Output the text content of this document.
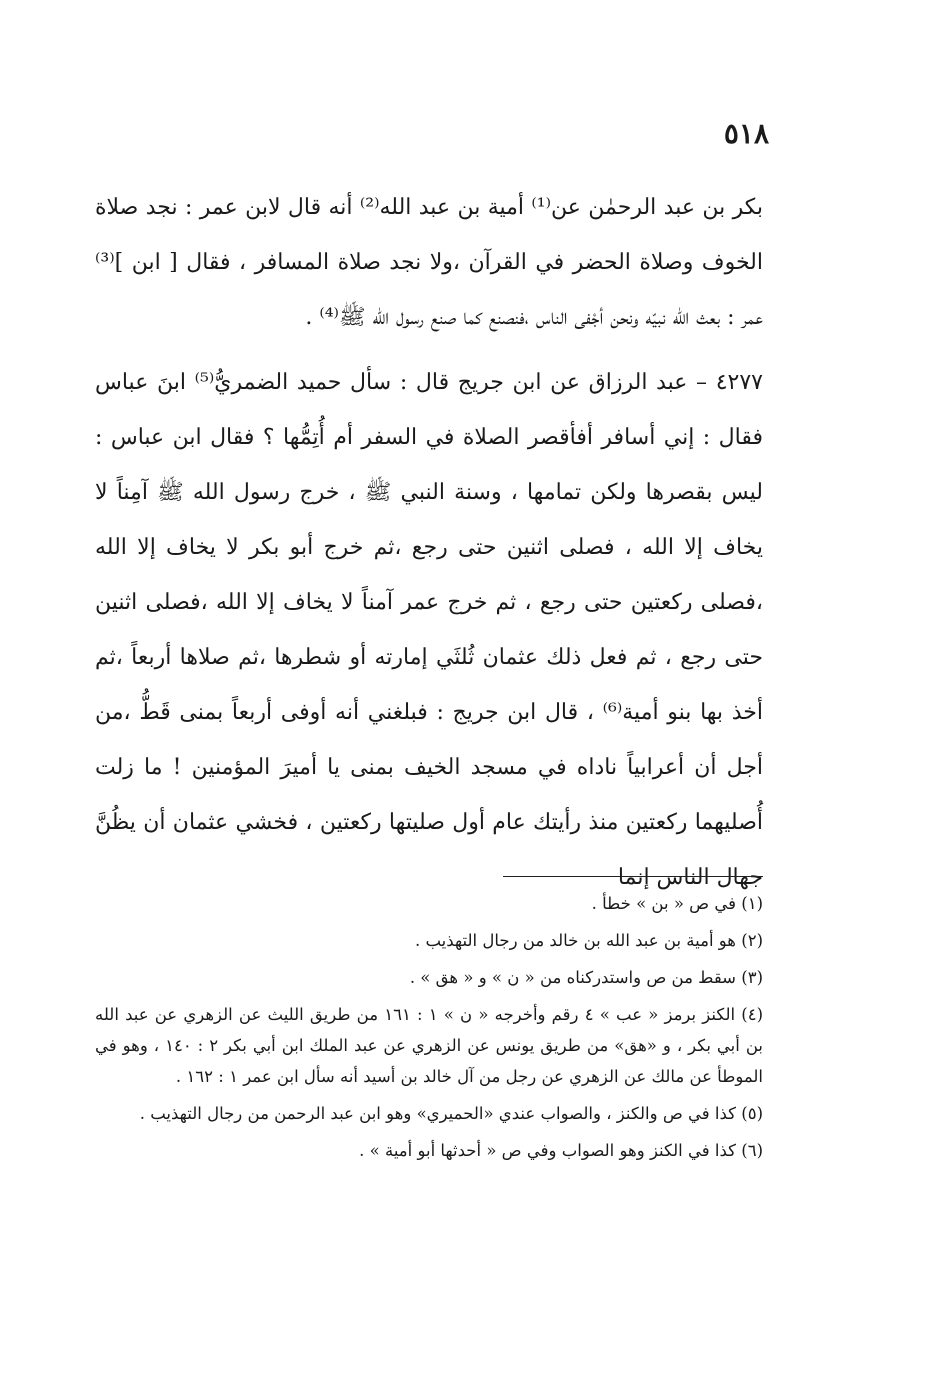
٥١٨

بكر بن عبد الرحمٰن عن⁽¹⁾ أمية بن عبد الله⁽²⁾ أنه قال لابن عمر : نجد صلاة الخوف وصلاة الحضر في القرآن ،ولا نجد صلاة المسافر ، فقال [ ابن ]⁽³⁾ عمر : بعث الله نبيّه ونحن أجْفى الناس ،فنصنع كما صنع رسول الله ﷺ⁽⁴⁾ .

٤٢٧٧ – عبد الرزاق عن ابن جريج قال : سأل حميد الضمريُّ⁽⁵⁾ ابنَ عباس فقال : إني أسافر أفأقصر الصلاة في السفر أم أُتِمُّها ؟ فقال ابن عباس : ليس بقصرها ولكن تمامها ، وسنة النبي ﷺ ، خرج رسول الله ﷺ آمِناً لا يخاف إلا الله ، فصلى اثنين حتى رجع ،ثم خرج أبو بكر لا يخاف إلا الله ،فصلى ركعتين حتى رجع ، ثم خرج عمر آمناً لا يخاف إلا الله ،فصلى اثنين حتى رجع ، ثم فعل ذلك عثمان ثُلثَي إمارته أو شطرها ،ثم صلاها أربعاً ،ثم أخذ بها بنو أمية⁽⁶⁾ ، قال ابن جريج : فبلغني أنه أوفى أربعاً بمنى قَطُّ ،من أجل أن أعرابياً ناداه في مسجد الخيف بمنى يا أميرَ المؤمنين ! ما زلت أُصليهما ركعتين منذ رأيتك عام أول صليتها ركعتين ، فخشي عثمان أن يظُنَّ جهال الناس إنما

(١) في ص « بن » خطأ .

(٢) هو أمية بن عبد الله بن خالد من رجال التهذيب .

(٣) سقط من ص واستدركناه من « ن » و « هق » .

(٤) الكنز برمز « عب » ٤ رقم وأخرجه « ن » ١ : ١٦١ من طريق الليث عن الزهري عن عبد الله بن أبي بكر ، و «هق» من طريق يونس عن الزهري عن عبد الملك ابن أبي بكر ٢ : ١٤٠ ، وهو في الموطأ عن مالك عن الزهري عن رجل من آل خالد بن أسيد أنه سأل ابن عمر ١ : ١٦٢ .

(٥) كذا في ص والكنز ، والصواب عندي «الحميري» وهو ابن عبد الرحمن من رجال التهذيب .

(٦) كذا في الكنز وهو الصواب وفي ص « أحدثها أبو أمية » .
